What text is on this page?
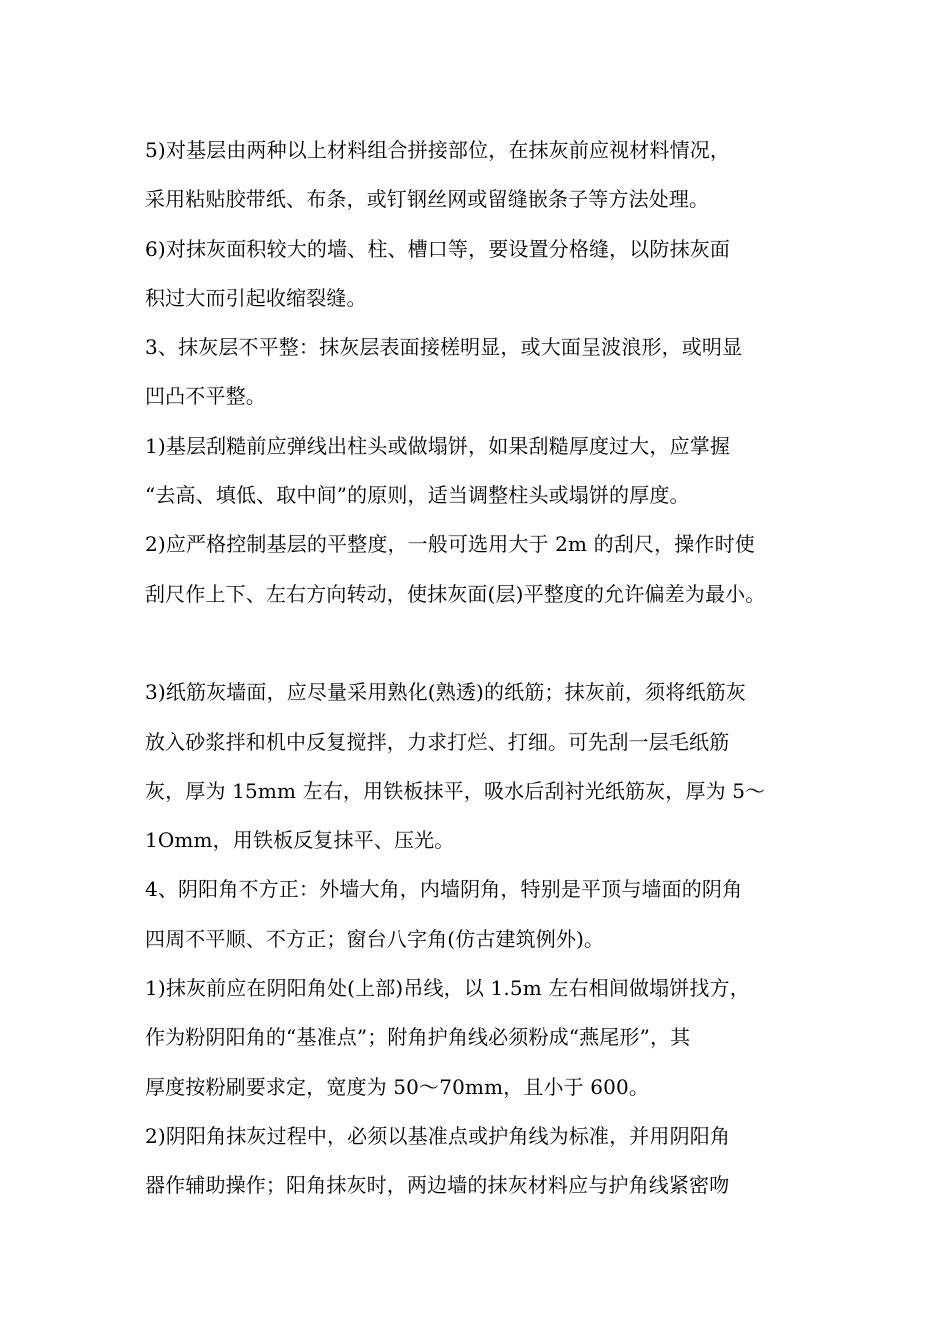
5)对基层由两种以上材料组合拼接部位，在抹灰前应视材料情况，
采用粘贴胶带纸、布条，或钉钢丝网或留缝嵌条子等方法处理。
6)对抹灰面积较大的墙、柱、槽口等，要设置分格缝，以防抹灰面
积过大而引起收缩裂缝。
3、抹灰层不平整：抹灰层表面接槎明显，或大面呈波浪形，或明显
凹凸不平整。
1)基层刮糙前应弹线出柱头或做塌饼，如果刮糙厚度过大，应掌握
“去高、填低、取中间”的原则，适当调整柱头或塌饼的厚度。
2)应严格控制基层的平整度，一般可选用大于 2m 的刮尺，操作时使
刮尺作上下、左右方向转动，使抹灰面(层)平整度的允许偏差为最小。
3)纸筋灰墙面，应尽量采用熟化(熟透)的纸筋；抹灰前，须将纸筋灰
放入砂浆拌和机中反复搅拌，力求打烂、打细。可先刮一层毛纸筋
灰，厚为 15mm 左右，用铁板抹平，吸水后刮衬光纸筋灰，厚为 5～
1Omm，用铁板反复抹平、压光。
4、阴阳角不方正：外墙大角，内墙阴角，特别是平顶与墙面的阴角
四周不平顺、不方正；窗台八字角(仿古建筑例外)。
1)抹灰前应在阴阳角处(上部)吊线，以 1.5m 左右相间做塌饼找方，
作为粉阴阳角的“基准点”；附角护角线必须粉成“燕尾形”，其
厚度按粉刷要求定，宽度为 50～70mm，且小于 600。
2)阴阳角抹灰过程中，必须以基准点或护角线为标准，并用阴阳角
器作辅助操作；阳角抹灰时，两边墙的抹灰材料应与护角线紧密吻
